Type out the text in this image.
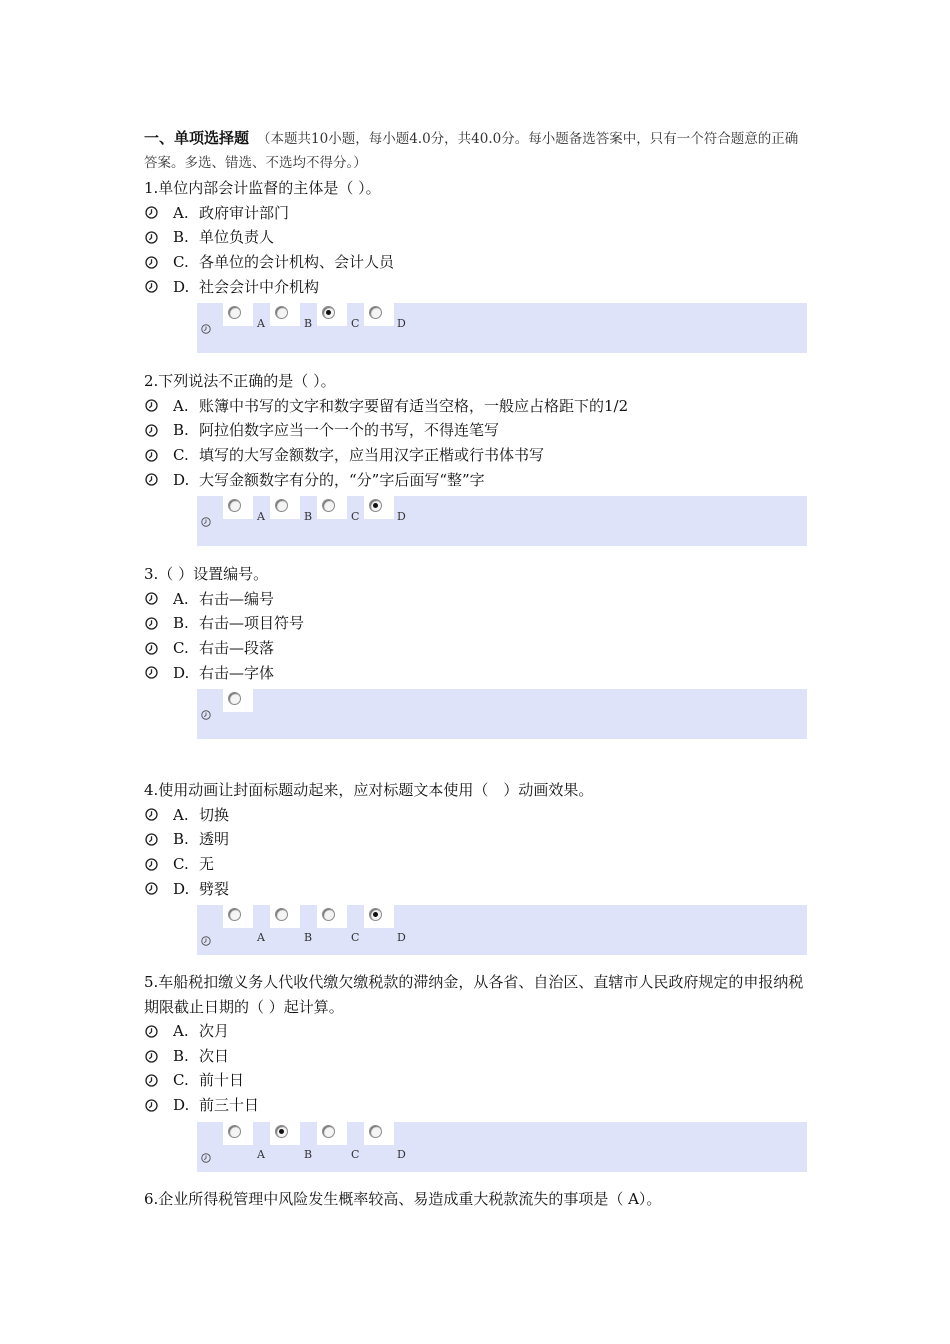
一、单项选择题 （本题共10小题，每小题4.0分，共40.0分。每小题备选答案中，只有一个符合题意的正确答案。多选、错选、不选均不得分。）

1.单位内部会计监督的主体是（ ）。

A. 政府审计部门
B. 单位负责人
C. 各单位的会计机构、会计人员
D. 社会会计中介机构
A	B	C	D

2.下列说法不正确的是（ ）。

A. 账簿中书写的文字和数字要留有适当空格，一般应占格距下的1/2
B. 阿拉伯数字应当一个一个的书写，不得连笔写
C. 填写的大写金额数字，应当用汉字正楷或行书体书写
D. 大写金额数字有分的，“分”字后面写“整”字
A	B	C	D

3.（ ）设置编号。

A. 右击—编号
B. 右击—项目符号
C. 右击—段落
D. 右击—字体

4.使用动画让封面标题动起来，应对标题文本使用（　）动画效果。

A. 切换
B. 透明
C. 无
D. 劈裂
A	B	C	D

5.车船税扣缴义务人代收代缴欠缴税款的滞纳金，从各省、自治区、直辖市人民政府规定的申报纳税期限截止日期的（ ）起计算。

A. 次月
B. 次日
C. 前十日
D. 前三十日
A	B	C	D

6.企业所得税管理中风险发生概率较高、易造成重大税款流失的事项是（ A）。
